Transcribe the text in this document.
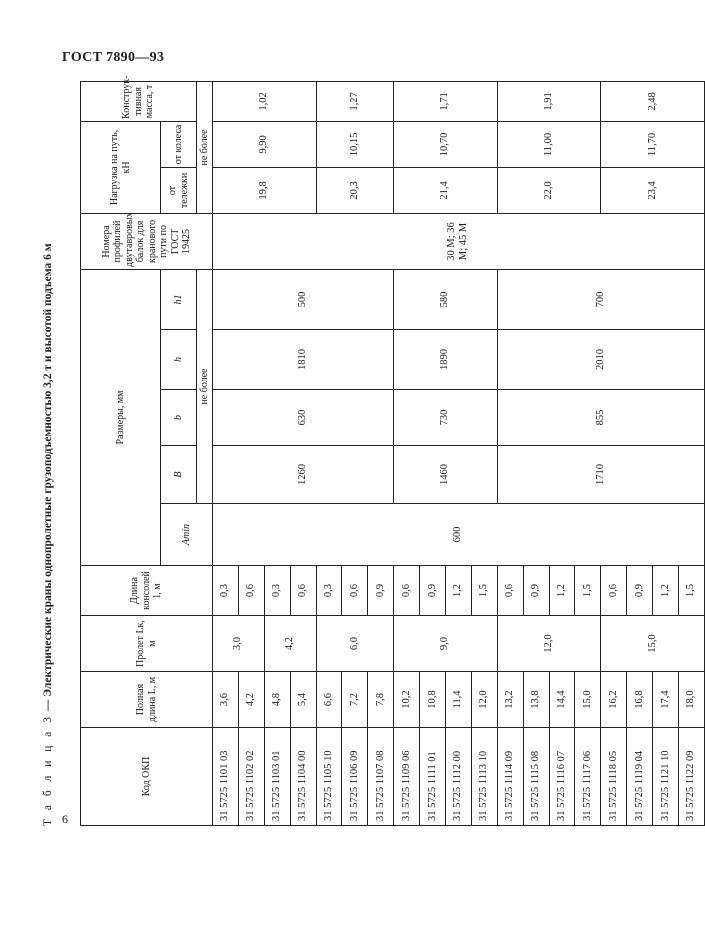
ГОСТ 7890—93
6
Т а б л и ц а 3 — Электрические краны однопролетные грузоподъемностью 3,2 т и высотой подъема 6 м
Код ОКП	Полная длина L, м	Пролет Lк, м	Длина консолей l, м	Размеры, мм					Номера профилей двутавровых балок для кранового пути по ГОСТ 19425	Нагрузка на путь, кН		Конструк-тивная масса, т
				Amin	B	b	h	h1		от тележки	от колеса	
					не более					не более		
31 5725 1101 03	3,6	3,0	0,3	600	1260	630	1810	500	30 М; 36 М; 45 М	19,8	9,90	1,02
31 5725 1102 02	4,2		0,6									
31 5725 1103 01	4,8	4,2	0,3									
31 5725 1104 00	5,4		0,6									
31 5725 1105 10	6,6	6,0	0,3							20,3	10,15	1,27
31 5725 1106 09	7,2		0,6									
31 5725 1107 08	7,8		0,9									
31 5725 1109 06	10,2	9,0	0,6		1460	730	1890	580		21,4	10,70	1,71
31 5725 1111 01	10,8		0,9									
31 5725 1112 00	11,4		1,2									
31 5725 1113 10	12,0		1,5									
31 5725 1114 09	13,2	12,0	0,6		1710	855	2010	700		22,0	11,00	1,91
31 5725 1115 08	13,8		0,9									
31 5725 1116 07	14,4		1,2									
31 5725 1117 06	15,0		1,5									
31 5725 1118 05	16,2	15,0	0,6							23,4	11,70	2,48
31 5725 1119 04	16,8		0,9									
31 5725 1121 10	17,4		1,2									
31 5725 1122 09	18,0		1,5									
